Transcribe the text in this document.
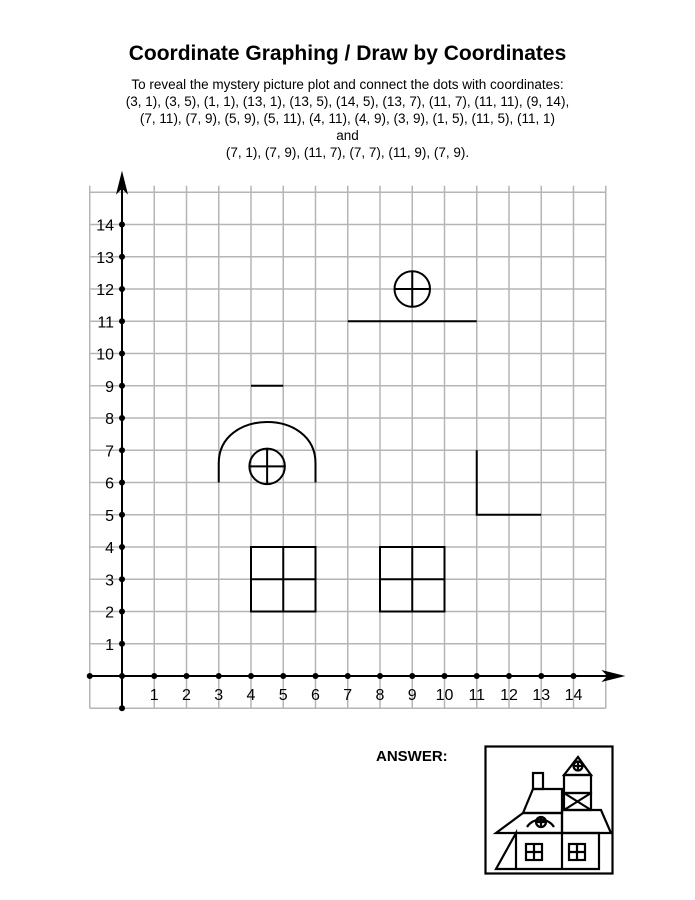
Coordinate Graphing / Draw by Coordinates
To reveal the mystery picture plot and connect the dots with coordinates:
(3, 1), (3, 5), (1, 1), (13, 1), (13, 5), (14, 5), (13, 7), (11, 7), (11, 11), (9, 14),
(7, 11), (7, 9), (5, 9), (5, 11), (4, 11), (4, 9), (3, 9), (1, 5), (11, 5), (11, 1)
and
(7, 1), (7, 9), (11, 7), (7, 7), (11, 9), (7, 9).
1 2 3 4 5 6 7 8 9 10 11 12 13 14
1
2
3
4
5
6
7
8
9
10
11
12
13
14
ANSWER:
